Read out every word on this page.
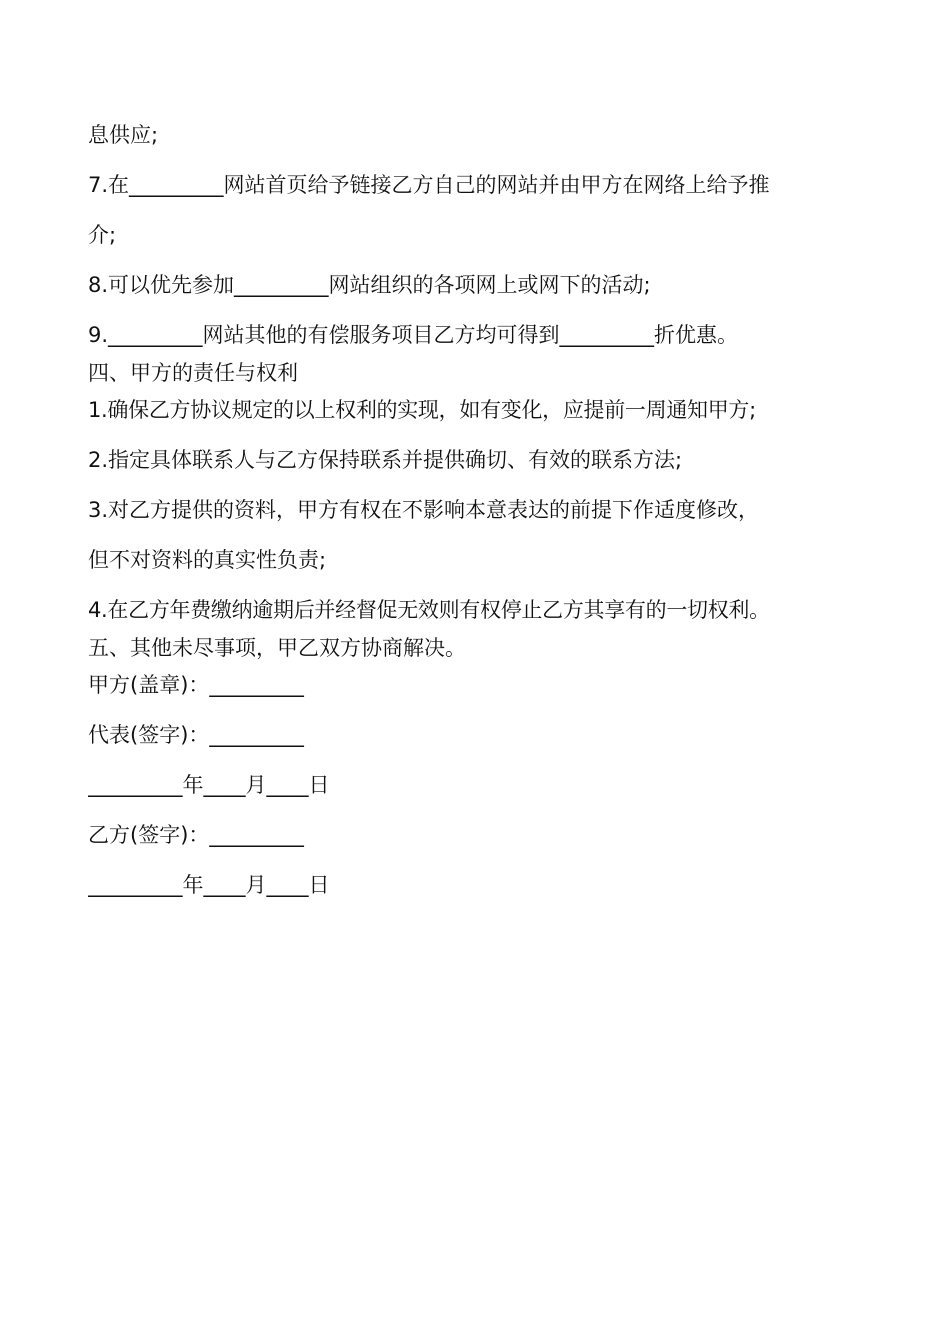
息供应;
7.在_________网站首页给予链接乙方自己的网站并由甲方在网络上给予推
介;
8.可以优先参加_________网站组织的各项网上或网下的活动;
9._________网站其他的有偿服务项目乙方均可得到_________折优惠。
四、甲方的责任与权利
1.确保乙方协议规定的以上权利的实现，如有变化，应提前一周通知甲方;
2.指定具体联系人与乙方保持联系并提供确切、有效的联系方法;
3.对乙方提供的资料，甲方有权在不影响本意表达的前提下作适度修改，
但不对资料的真实性负责;
4.在乙方年费缴纳逾期后并经督促无效则有权停止乙方其享有的一切权利。
五、其他未尽事项，甲乙双方协商解决。
甲方(盖章)：_________
代表(签字)：_________
_________年____月____日
乙方(签字)：_________
_________年____月____日
